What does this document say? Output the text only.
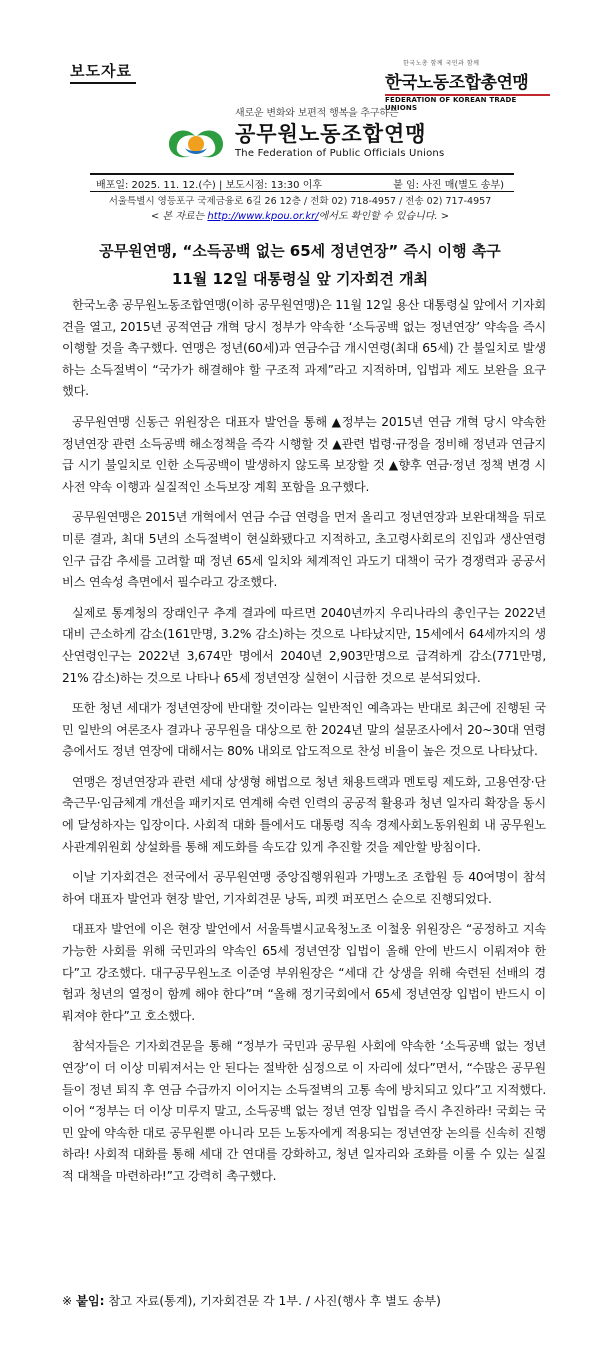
보도자료	한국노총 함께 국민과 함께
한국노동조합총연맹
FEDERATION OF KOREAN TRADE UNIONS
새로운 변화와 보편적 행복을 추구하는
공무원노동조합연맹
The Federation of Public Officials Unions
배포일: 2025. 11. 12.(수) | 보도시점: 13:30 이후	붙 임: 사진 매(별도 송부)
서울특별시 영등포구 국제금융로 6길 26 12층 / 전화 02) 718-4957 / 전송 02) 717-4957
< 본 자료는 http://www.kpou.or.kr/에서도 확인할 수 있습니다. >
공무원연맹, “소득공백 없는 65세 정년연장” 즉시 이행 촉구
11월 12일 대통령실 앞 기자회견 개최

한국노총 공무원노동조합연맹(이하 공무원연맹)은 11월 12일 용산 대통령실 앞에서 기자회견을 열고, 2015년 공적연금 개혁 당시 정부가 약속한 ‘소득공백 없는 정년연장’ 약속을 즉시 이행할 것을 촉구했다. 연맹은 정년(60세)과 연금수급 개시연령(최대 65세) 간 불일치로 발생하는 소득절벽이 “국가가 해결해야 할 구조적 과제”라고 지적하며, 입법과 제도 보완을 요구했다.

공무원연맹 신동근 위원장은 대표자 발언을 통해 ▲정부는 2015년 연금 개혁 당시 약속한 정년연장 관련 소득공백 해소정책을 즉각 시행할 것 ▲관련 법령·규정을 정비해 정년과 연금지급 시기 불일치로 인한 소득공백이 발생하지 않도록 보장할 것 ▲향후 연금·정년 정책 변경 시 사전 약속 이행과 실질적인 소득보장 계획 포함을 요구했다.

공무원연맹은 2015년 개혁에서 연금 수급 연령을 먼저 올리고 정년연장과 보완대책을 뒤로 미룬 결과, 최대 5년의 소득절벽이 현실화됐다고 지적하고, 초고령사회로의 진입과 생산연령인구 급감 추세를 고려할 때 정년 65세 일치와 체계적인 과도기 대책이 국가 경쟁력과 공공서비스 연속성 측면에서 필수라고 강조했다.

실제로 통계청의 장래인구 추계 결과에 따르면 2040년까지 우리나라의 총인구는 2022년 대비 근소하게 감소(161만명, 3.2% 감소)하는 것으로 나타났지만, 15세에서 64세까지의 생산연령인구는 2022년 3,674만 명에서 2040년 2,903만명으로 급격하게 감소(771만명, 21% 감소)하는 것으로 나타나 65세 정년연장 실현이 시급한 것으로 분석되었다.

또한 청년 세대가 정년연장에 반대할 것이라는 일반적인 예측과는 반대로 최근에 진행된 국민 일반의 여론조사 결과나 공무원을 대상으로 한 2024년 말의 설문조사에서 20~30대 연령층에서도 정년 연장에 대해서는 80% 내외로 압도적으로 찬성 비율이 높은 것으로 나타났다.

연맹은 정년연장과 관련 세대 상생형 해법으로 청년 채용트랙과 멘토링 제도화, 고용연장·단축근무·임금체계 개선을 패키지로 연계해 숙련 인력의 공공적 활용과 청년 일자리 확장을 동시에 달성하자는 입장이다. 사회적 대화 틀에서도 대통령 직속 경제사회노동위원회 내 공무원노사관계위원회 상설화를 통해 제도화를 속도감 있게 추진할 것을 제안할 방침이다.

이날 기자회견은 전국에서 공무원연맹 중앙집행위원과 가맹노조 조합원 등 40여명이 참석하여 대표자 발언과 현장 발언, 기자회견문 낭독, 피켓 퍼포먼스 순으로 진행되었다.

대표자 발언에 이은 현장 발언에서 서울특별시교육청노조 이철웅 위원장은 “공정하고 지속가능한 사회를 위해 국민과의 약속인 65세 정년연장 입법이 올해 안에 반드시 이뤄져야 한다”고 강조했다. 대구공무원노조 이준영 부위원장은 “세대 간 상생을 위해 숙련된 선배의 경험과 청년의 열정이 함께 해야 한다”며 “올해 정기국회에서 65세 정년연장 입법이 반드시 이뤄져야 한다”고 호소했다.

참석자들은 기자회견문을 통해 “정부가 국민과 공무원 사회에 약속한 ‘소득공백 없는 정년 연장’이 더 이상 미뤄져서는 안 된다는 절박한 심정으로 이 자리에 섰다”면서, “수많은 공무원들이 정년 퇴직 후 연금 수급까지 이어지는 소득절벽의 고통 속에 방치되고 있다”고 지적했다. 이어 “정부는 더 이상 미루지 말고, 소득공백 없는 정년 연장 입법을 즉시 추진하라! 국회는 국민 앞에 약속한 대로 공무원뿐 아니라 모든 노동자에게 적용되는 정년연장 논의를 신속히 진행하라! 사회적 대화를 통해 세대 간 연대를 강화하고, 청년 일자리와 조화를 이룰 수 있는 실질적 대책을 마련하라!”고 강력히 촉구했다.

※ 붙임: 참고 자료(통계), 기자회견문 각 1부. / 사진(행사 후 별도 송부)
